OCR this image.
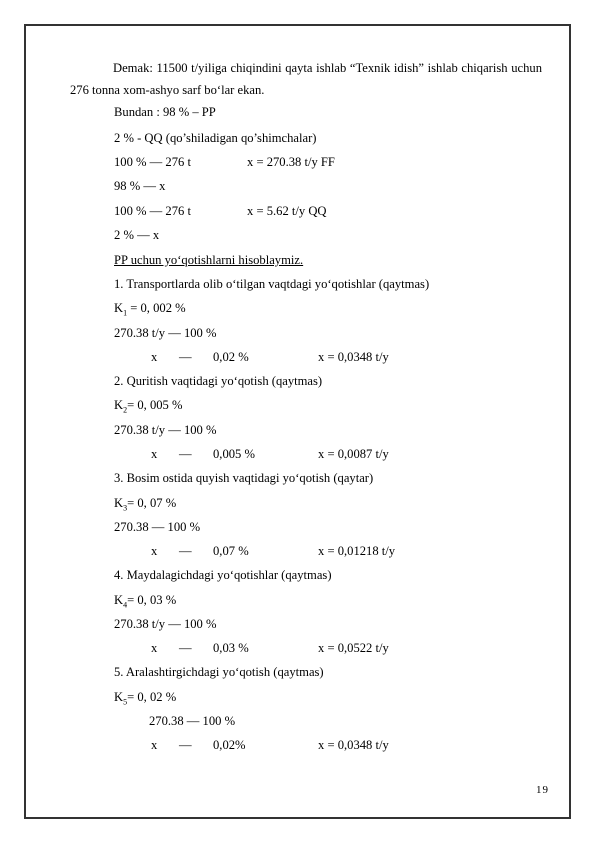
Demak: 11500 t/yiliga chiqindini qayta ishlab “Texnik idish” ishlab chiqarish uchun 276 tonna xom-ashyo sarf bo‘lar ekan.
Bundan : 98 % – PP
2 % - QQ (qo’shiladigan qo’shimchalar)
100 % — 276 t	x = 270.38 t/y FF
98 % — x
100 % — 276 t	x = 5.62 t/y QQ
2 % — x
PP uchun yo‘qotishlarni hisoblaymiz.
1. Transportlarda olib o‘tilgan vaqtdagi yo‘qotishlar (qaytmas)
$K_1 = 0$, 002 %
270.38 t/y — 100 %
x — 0,02 %	x = 0,0348 t/y
2. Quritish vaqtidagi yo‘qotish (qaytmas)
$K_2= 0$, 005 %
270.38 t/y — 100 %
x — 0,005 %	x = 0,0087 t/y
3. Bosim ostida quyish vaqtidagi yo‘qotish (qaytar)
$K_3= 0$, 07 %
270.38 — 100 %
x — 0,07 %	x = 0,01218 t/y
4. Maydalagichdagi yo‘qotishlar (qaytmas)
$K_4= 0$, 03 %
270.38 t/y — 100 %
x — 0,03 %	x = 0,0522 t/y
5. Aralashtirgichdagi yo‘qotish (qaytmas)
$K_5= 0$, 02 %
270.38 — 100 %
x — 0,02%	x = 0,0348 t/y
19
